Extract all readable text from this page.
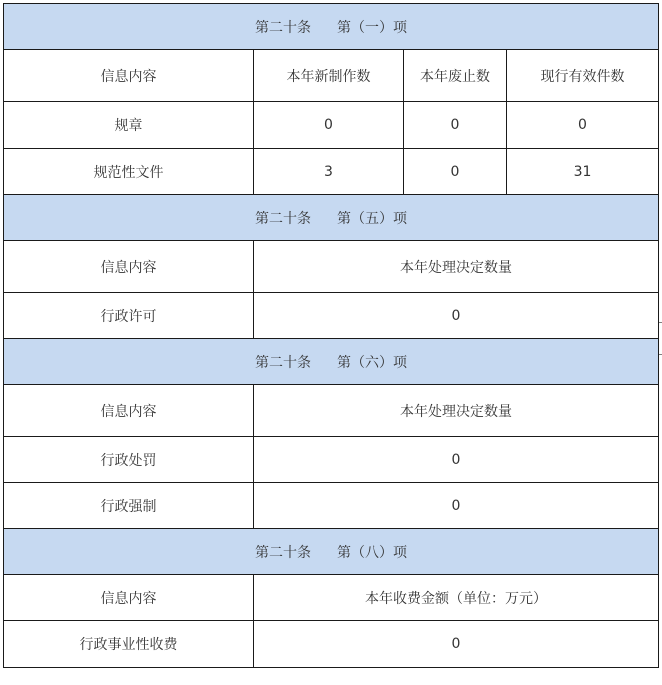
第二十条 第（一）项			
信息内容	本年新制作数	本年废止数	现行有效件数
规章	0	0	0
规范性文件	3	0	31
第二十条 第（五）项			
信息内容	本年处理决定数量		
行政许可	0		
第二十条 第（六）项			
信息内容	本年处理决定数量		
行政处罚	0		
行政强制	0		
第二十条 第（八）项			
信息内容	本年收费金额（单位：万元）		
行政事业性收费	0		
